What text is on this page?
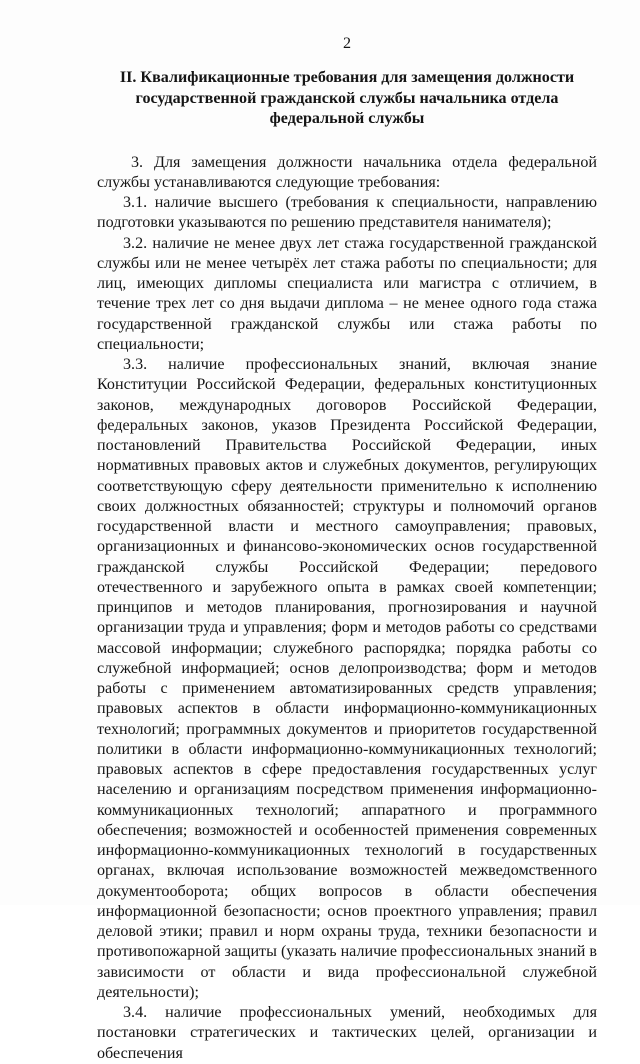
2
II. Квалификационные требования для замещения должности государственной гражданской службы начальника отдела федеральной службы

3. Для замещения должности начальника отдела федеральной службы устанавливаются следующие требования:

3.1. наличие высшего (требования к специальности, направлению подготовки указываются по решению представителя нанимателя);

3.2. наличие не менее двух лет стажа государственной гражданской службы или не менее четырёх лет стажа работы по специальности; для лиц, имеющих дипломы специалиста или магистра с отличием, в течение трех лет со дня выдачи диплома – не менее одного года стажа государственной гражданской службы или стажа работы по специальности;

3.3. наличие профессиональных знаний, включая знание Конституции Российской Федерации, федеральных конституционных законов, международных договоров Российской Федерации, федеральных законов, указов Президента Российской Федерации, постановлений Правительства Российской Федерации, иных нормативных правовых актов и служебных документов, регулирующих соответствующую сферу деятельности применительно к исполнению своих должностных обязанностей; структуры и полномочий органов государственной власти и местного самоуправления; правовых, организационных и финансово-экономических основ государственной гражданской службы Российской Федерации; передового отечественного и зарубежного опыта в рамках своей компетенции; принципов и методов планирования, прогнозирования и научной организации труда и управления; форм и методов работы со средствами массовой информации; служебного распорядка; порядка работы со служебной информацией; основ делопроизводства; форм и методов работы с применением автоматизированных средств управления; правовых аспектов в области информационно-коммуникационных технологий; программных документов и приоритетов государственной политики в области информационно-коммуникационных технологий; правовых аспектов в сфере предоставления государственных услуг населению и организациям посредством применения информационно-коммуникационных технологий; аппаратного и программного обеспечения; возможностей и особенностей применения современных информационно-коммуникационных технологий в государственных органах, включая использование возможностей межведомственного документооборота; общих вопросов в области обеспечения информационной безопасности; основ проектного управления; правил деловой этики; правил и норм охраны труда, техники безопасности и противопожарной защиты (указать наличие профессиональных знаний в зависимости от области и вида профессиональной служебной деятельности);

3.4. наличие профессиональных умений, необходимых для постановки стратегических и тактических целей, организации и обеспечения
